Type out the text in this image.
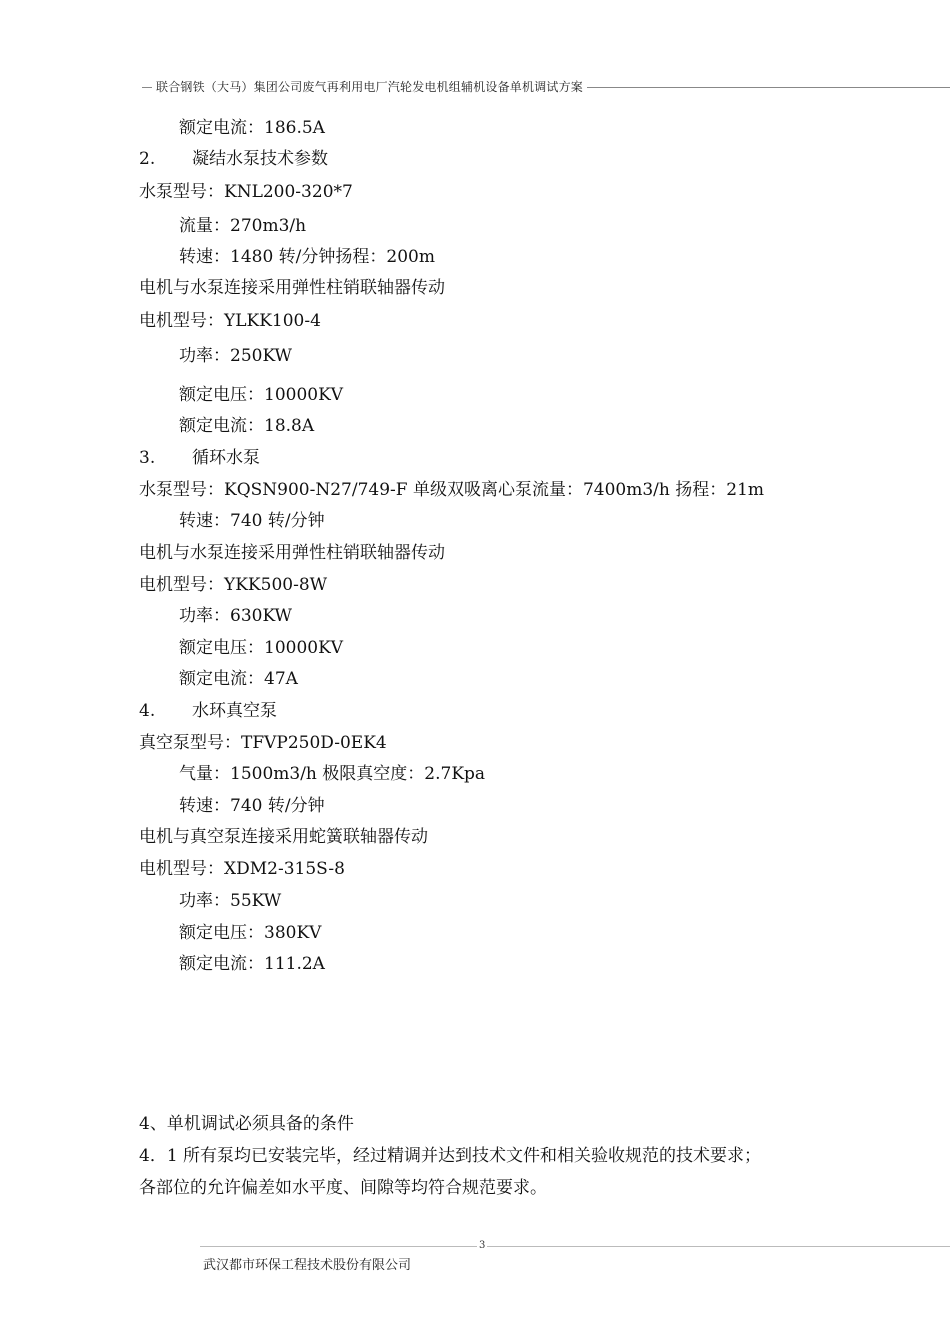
联合钢铁（大马）集团公司废气再利用电厂汽轮发电机组辅机设备单机调试方案
额定电流：186.5A
2. 凝结水泵技术参数
水泵型号：KNL200-320*7
流量：270m3/h
转速：1480 转/分钟扬程：200m
电机与水泵连接采用弹性柱销联轴器传动
电机型号：YLKK100-4
功率：250KW
额定电压：10000KV
额定电流：18.8A
3. 循环水泵
水泵型号：KQSN900-N27/749-F 单级双吸离心泵流量：7400m3/h 扬程：21m
转速：740 转/分钟
电机与水泵连接采用弹性柱销联轴器传动
电机型号：YKK500-8W
功率：630KW
额定电压：10000KV
额定电流：47A
4. 水环真空泵
真空泵型号：TFVP250D-0EK4
气量：1500m3/h 极限真空度：2.7Kpa
转速：740 转/分钟
电机与真空泵连接采用蛇簧联轴器传动
电机型号：XDM2-315S-8
功率：55KW
额定电压：380KV
额定电流：111.2A
4、单机调试必须具备的条件
4．1 所有泵均已安装完毕，经过精调并达到技术文件和相关验收规范的技术要求；
各部位的允许偏差如水平度、间隙等均符合规范要求。
3
武汉都市环保工程技术股份有限公司
